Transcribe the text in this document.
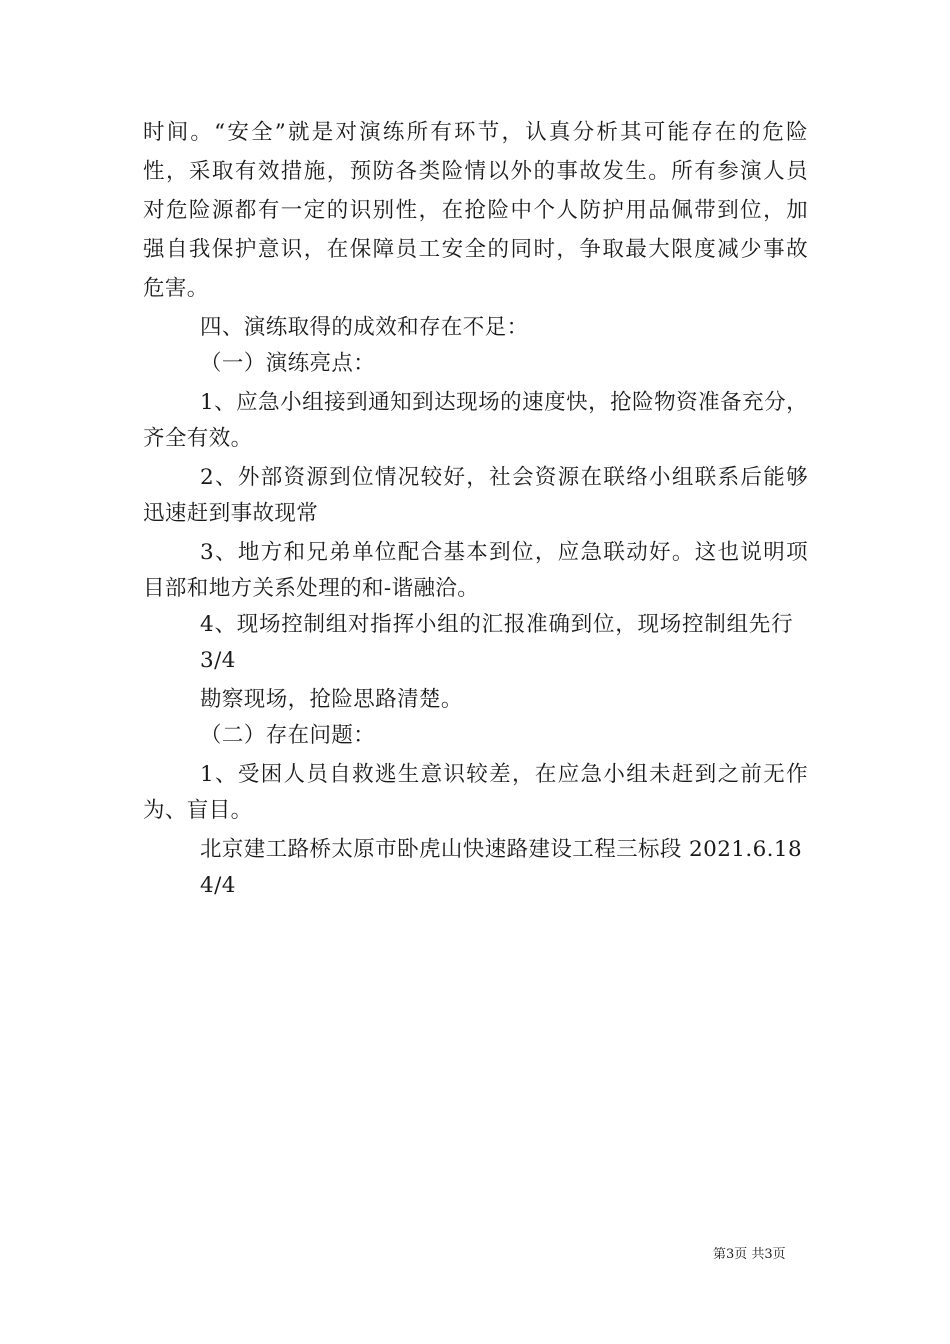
时间。“安全”就是对演练所有环节，认真分析其可能存在的危险
性，采取有效措施，预防各类险情以外的事故发生。所有参演人员
对危险源都有一定的识别性，在抢险中个人防护用品佩带到位，加
强自我保护意识，在保障员工安全的同时，争取最大限度减少事故
危害。
四、演练取得的成效和存在不足：
（一）演练亮点：
1、应急小组接到通知到达现场的速度快，抢险物资准备充分，
齐全有效。
2、外部资源到位情况较好，社会资源在联络小组联系后能够
迅速赶到事故现常
3、地方和兄弟单位配合基本到位，应急联动好。这也说明项
目部和地方关系处理的和-谐融洽。
4、现场控制组对指挥小组的汇报准确到位，现场控制组先行
3/4
勘察现场，抢险思路清楚。
（二）存在问题：
1、受困人员自救逃生意识较差，在应急小组未赶到之前无作
为、盲目。
北京建工路桥太原市卧虎山快速路建设工程三标段 2021.6.18
4/4
第3页 共3页
